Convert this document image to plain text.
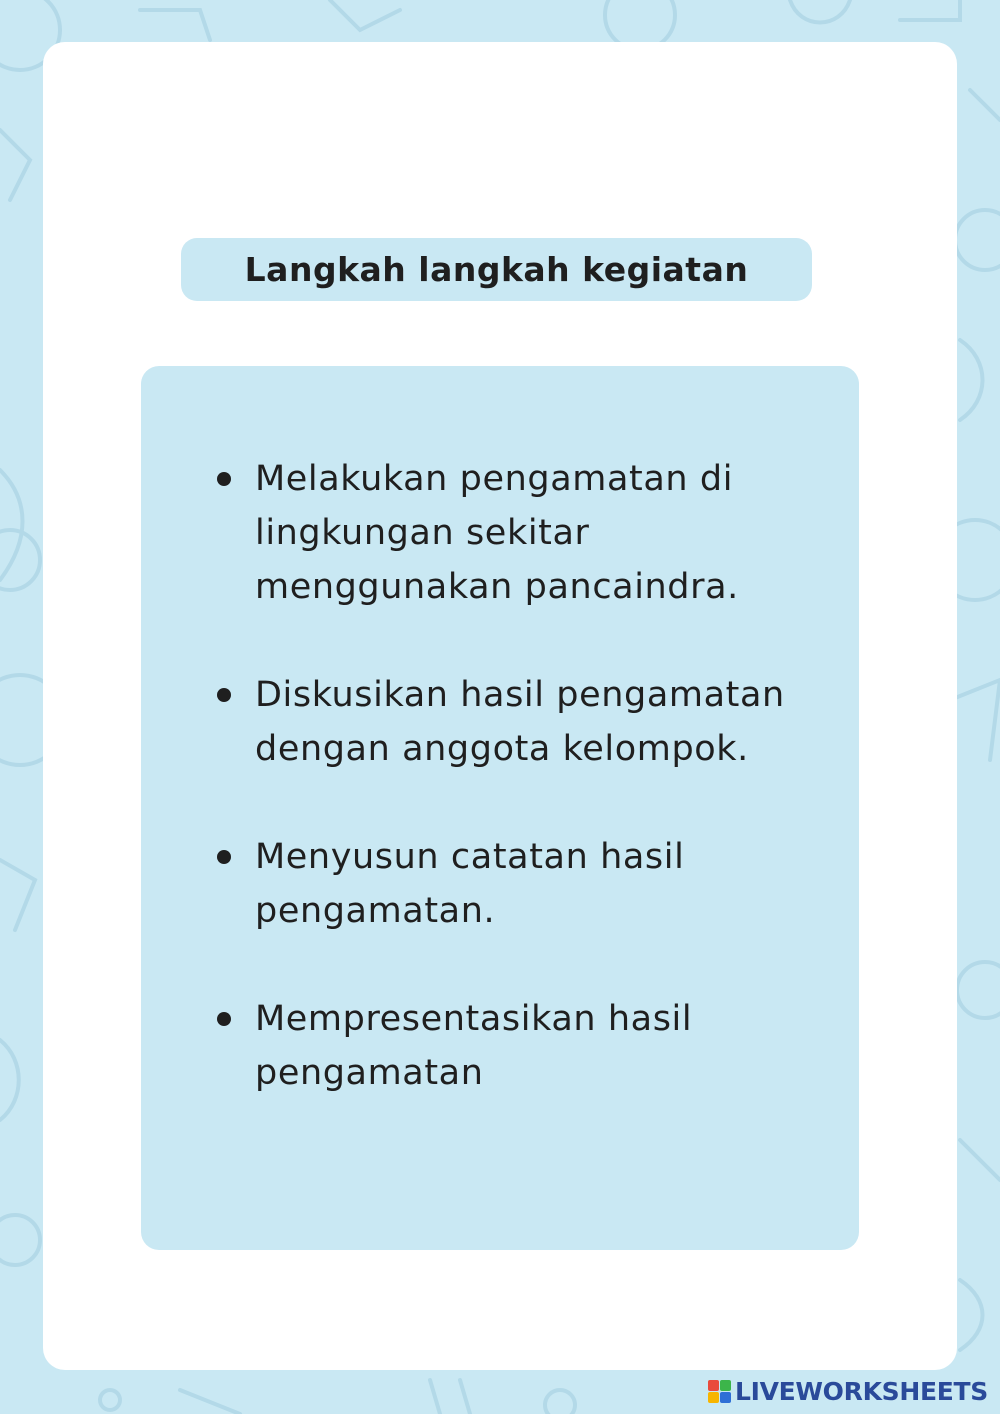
Langkah langkah kegiatan
Melakukan pengamatan di lingkungan sekitar menggunakan pancaindra.
Diskusikan hasil pengamatan dengan anggota kelompok.
Menyusun catatan hasil pengamatan.
Mempresentasikan hasil pengamatan
LIVEWORKSHEETS
